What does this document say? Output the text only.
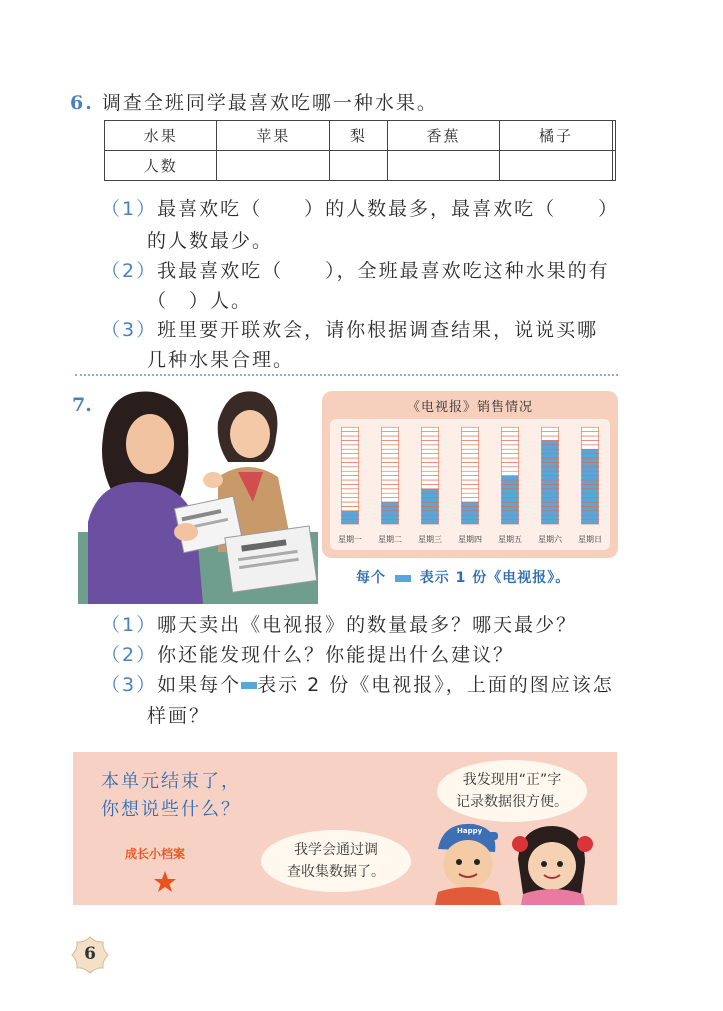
6. 调查全班同学最喜欢吃哪一种水果。
水果	苹果	梨	香蕉	橘子	
人数					
（1）最喜欢吃（　　）的人数最多，最喜欢吃（　　）
的人数最少。
（2）我最喜欢吃（　　），全班最喜欢吃这种水果的有
（　）人。
（3）班里要开联欢会，请你根据调查结果，说说买哪
几种水果合理。
7.	《电视报》销售情况
星期一 星期二 星期三 星期四 星期五 星期六 星期日
每个 表示 1 份《电视报》。
（1）哪天卖出《电视报》的数量最多？哪天最少？
（2）你还能发现什么？你能提出什么建议？
（3）如果每个 表示 2 份《电视报》，上面的图应该怎
样画？
本单元结束了，
你想说些什么？
成长小档案
我发现用“正”字
记录数据很方便。
我学会通过调
查收集数据了。
Happy
6
